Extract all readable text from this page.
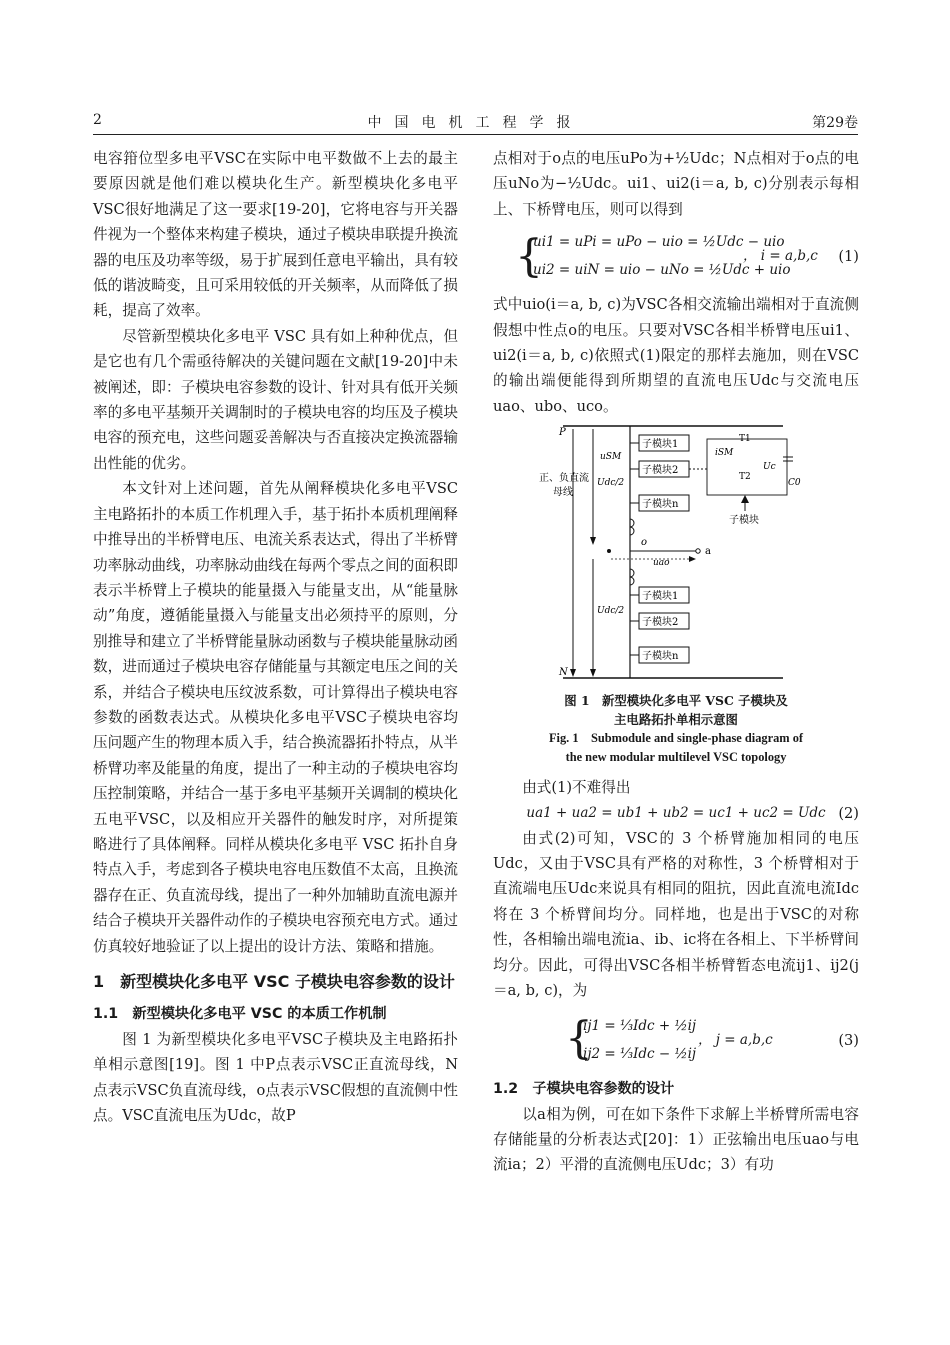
2	中国电机工程学报	第29卷

电容箝位型多电平VSC在实际中电平数做不上去的最主要原因就是他们难以模块化生产。新型模块化多电平VSC很好地满足了这一要求[19-20]，它将电容与开关器件视为一个整体来构建子模块，通过子模块串联提升换流器的电压及功率等级，易于扩展到任意电平输出，具有较低的谐波畸变，且可采用较低的开关频率，从而降低了损耗，提高了效率。

尽管新型模块化多电平 VSC 具有如上种种优点，但是它也有几个需亟待解决的关键问题在文献[19-20]中未被阐述，即：子模块电容参数的设计、针对具有低开关频率的多电平基频开关调制时的子模块电容的均压及子模块电容的预充电，这些问题妥善解决与否直接决定换流器输出性能的优劣。

本文针对上述问题，首先从阐释模块化多电平VSC主电路拓扑的本质工作机理入手，基于拓扑本质机理阐释中推导出的半桥臂电压、电流关系表达式，得出了半桥臂功率脉动曲线，功率脉动曲线在每两个零点之间的面积即表示半桥臂上子模块的能量摄入与能量支出，从“能量脉动”角度，遵循能量摄入与能量支出必须持平的原则，分别推导和建立了半桥臂能量脉动函数与子模块能量脉动函数，进而通过子模块电容存储能量与其额定电压之间的关系，并结合子模块电压纹波系数，可计算得出子模块电容参数的函数表达式。从模块化多电平VSC子模块电容均压问题产生的物理本质入手，结合换流器拓扑特点，从半桥臂功率及能量的角度，提出了一种主动的子模块电容均压控制策略，并结合一基于多电平基频开关调制的模块化五电平VSC，以及相应开关器件的触发时序，对所提策略进行了具体阐释。同样从模块化多电平 VSC 拓扑自身特点入手，考虑到各子模块电容电压数值不太高，且换流器存在正、负直流母线，提出了一种外加辅助直流电源并结合子模块开关器件动作的子模块电容预充电方式。通过仿真较好地验证了以上提出的设计方法、策略和措施。

1　新型模块化多电平 VSC 子模块电容参数的设计
1.1　新型模块化多电平 VSC 的本质工作机制

图 1 为新型模块化多电平VSC子模块及主电路拓扑单相示意图[19]。图 1 中P点表示VSC正直流母线，N点表示VSC负直流母线，o点表示VSC假想的直流侧中性点。VSC直流电压为Udc，故P

点相对于o点的电压uPo为+½Udc；N点相对于o点的电压uNo为−½Udc。ui1、ui2(i＝a, b, c)分别表示每相上、下桥臂电压，则可以得到

{
ui1 = uPi = uPo − uio = ½Udc − uio
ui2 = uiN = uio − uNo = ½Udc + uio
， i = a,b,c (1)

式中uio(i＝a, b, c)为VSC各相交流输出端相对于直流侧假想中性点o的电压。只要对VSC各相半桥臂电压ui1、ui2(i＝a, b, c)依照式(1)限定的那样去施加，则在VSC的输出端便能得到所期望的直流电压Udc与交流电压uao、ubo、uco。

P
N
正、负直流
母线
Udc/2
Udc/2
uSM
子模块1
子模块2
子模块n
o
a
uao
子模块1
子模块2
子模块n
T1
T2
iSM
Uc
C0
子模块
图 1　新型模块化多电平 VSC 子模块及
主电路拓扑单相示意图
Fig. 1　Submodule and single-phase diagram of
the new modular multilevel VSC topology

由式(1)不难得出

ua1 + ua2 = ub1 + ub2 = uc1 + uc2 = Udc (2)

由式(2)可知，VSC的 3 个桥臂施加相同的电压Udc，又由于VSC具有严格的对称性，3 个桥臂相对于直流端电压Udc来说具有相同的阻抗，因此直流电流Idc将在 3 个桥臂间均分。同样地，也是出于VSC的对称性，各相输出端电流ia、ib、ic将在各相上、下半桥臂间均分。因此，可得出VSC各相半桥臂暂态电流ij1、ij2(j＝a, b, c)，为

{
ij1 = ⅓Idc + ½ij
ij2 = ⅓Idc − ½ij
， j = a,b,c	(3)
1.2　子模块电容参数的设计

以a相为例，可在如下条件下求解上半桥臂所需电容存储能量的分析表达式[20]：1）正弦输出电压uao与电流ia；2）平滑的直流侧电压Udc；3）有功
